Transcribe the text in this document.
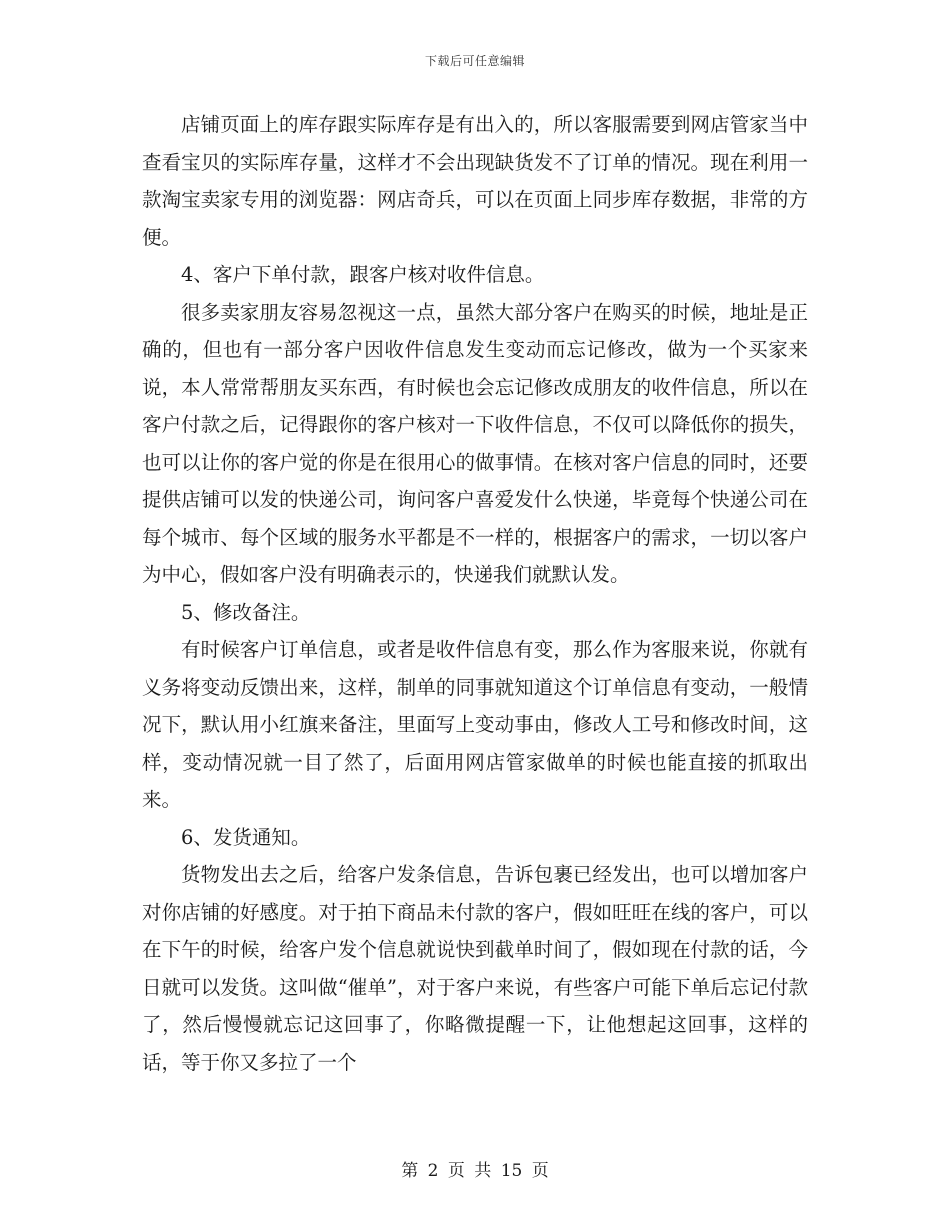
下载后可任意编辑

店铺页面上的库存跟实际库存是有出入的，所以客服需要到网店管家当中查看宝贝的实际库存量，这样才不会出现缺货发不了订单的情况。现在利用一款淘宝卖家专用的浏览器：网店奇兵，可以在页面上同步库存数据，非常的方便。

4、客户下单付款，跟客户核对收件信息。

很多卖家朋友容易忽视这一点，虽然大部分客户在购买的时候，地址是正确的，但也有一部分客户因收件信息发生变动而忘记修改，做为一个买家来说，本人常常帮朋友买东西，有时候也会忘记修改成朋友的收件信息，所以在客户付款之后，记得跟你的客户核对一下收件信息，不仅可以降低你的损失，也可以让你的客户觉的你是在很用心的做事情。在核对客户信息的同时，还要提供店铺可以发的快递公司，询问客户喜爱发什么快递，毕竟每个快递公司在每个城市、每个区域的服务水平都是不一样的，根据客户的需求，一切以客户为中心，假如客户没有明确表示的，快递我们就默认发。

5、修改备注。

有时候客户订单信息，或者是收件信息有变，那么作为客服来说，你就有义务将变动反馈出来，这样，制单的同事就知道这个订单信息有变动，一般情况下，默认用小红旗来备注，里面写上变动事由，修改人工号和修改时间，这样，变动情况就一目了然了，后面用网店管家做单的时候也能直接的抓取出来。

6、发货通知。

货物发出去之后，给客户发条信息，告诉包裹已经发出，也可以增加客户对你店铺的好感度。对于拍下商品未付款的客户，假如旺旺在线的客户，可以在下午的时候，给客户发个信息就说快到截单时间了，假如现在付款的话，今日就可以发货。这叫做“催单”，对于客户来说，有些客户可能下单后忘记付款了，然后慢慢就忘记这回事了，你略微提醒一下，让他想起这回事，这样的话，等于你又多拉了一个

第 2 页 共 15 页
